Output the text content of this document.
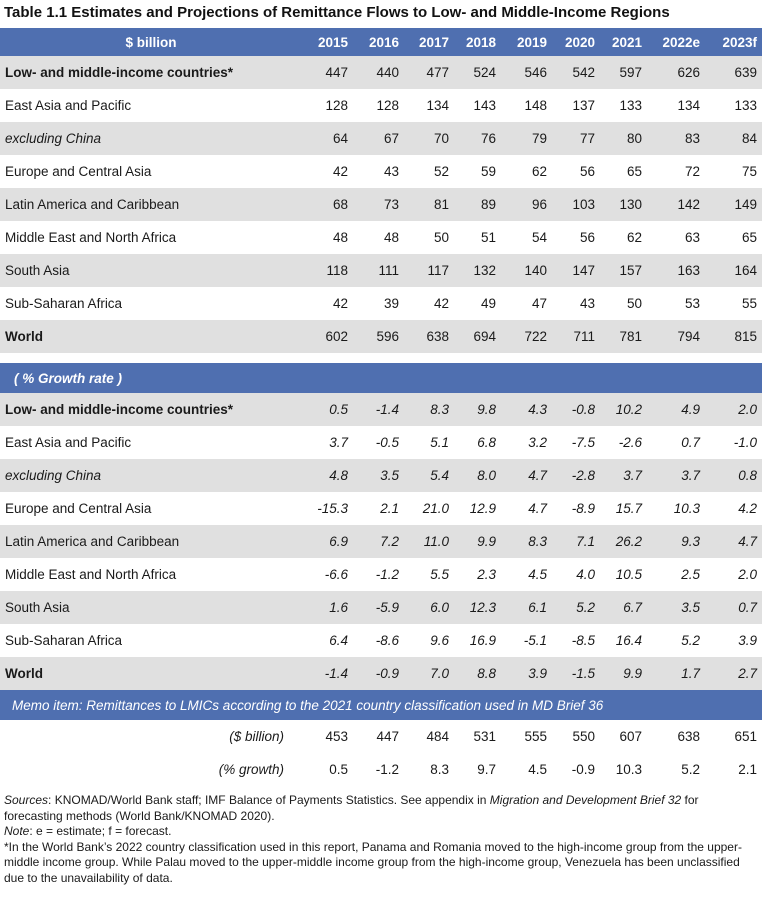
Table 1.1 Estimates and Projections of Remittance Flows to Low- and Middle-Income Regions
$ billion	2015	2016	2017	2018	2019	2020	2021	2022e	2023f
Low- and middle-income countries*	447	440	477	524	546	542	597	626	639
East Asia and Pacific	128	128	134	143	148	137	133	134	133
excluding China	64	67	70	76	79	77	80	83	84
Europe and Central Asia	42	43	52	59	62	56	65	72	75
Latin America and Caribbean	68	73	81	89	96	103	130	142	149
Middle East and North Africa	48	48	50	51	54	56	62	63	65
South Asia	118	111	117	132	140	147	157	163	164
Sub-Saharan Africa	42	39	42	49	47	43	50	53	55
World	602	596	638	694	722	711	781	794	815

( % Growth rate )									
Low- and middle-income countries*	0.5	-1.4	8.3	9.8	4.3	-0.8	10.2	4.9	2.0
East Asia and Pacific	3.7	-0.5	5.1	6.8	3.2	-7.5	-2.6	0.7	-1.0
excluding China	4.8	3.5	5.4	8.0	4.7	-2.8	3.7	3.7	0.8
Europe and Central Asia	-15.3	2.1	21.0	12.9	4.7	-8.9	15.7	10.3	4.2
Latin America and Caribbean	6.9	7.2	11.0	9.9	8.3	7.1	26.2	9.3	4.7
Middle East and North Africa	-6.6	-1.2	5.5	2.3	4.5	4.0	10.5	2.5	2.0
South Asia	1.6	-5.9	6.0	12.3	6.1	5.2	6.7	3.5	0.7
Sub-Saharan Africa	6.4	-8.6	9.6	16.9	-5.1	-8.5	16.4	5.2	3.9
World	-1.4	-0.9	7.0	8.8	3.9	-1.5	9.9	1.7	2.7
Memo item: Remittances to LMICs according to the 2021 country classification used in MD Brief 36									
($ billion)	453	447	484	531	555	550	607	638	651
(% growth)	0.5	-1.2	8.3	9.7	4.5	-0.9	10.3	5.2	2.1

Sources: KNOMAD/World Bank staff; IMF Balance of Payments Statistics. See appendix in Migration and Development Brief 32 for forecasting methods (World Bank/KNOMAD 2020).

Note: e = estimate; f = forecast.

*In the World Bank’s 2022 country classification used in this report, Panama and Romania moved to the high-income group from the upper-middle income group. While Palau moved to the upper-middle income group from the high-income group, Venezuela has been unclassified due to the unavailability of data.
